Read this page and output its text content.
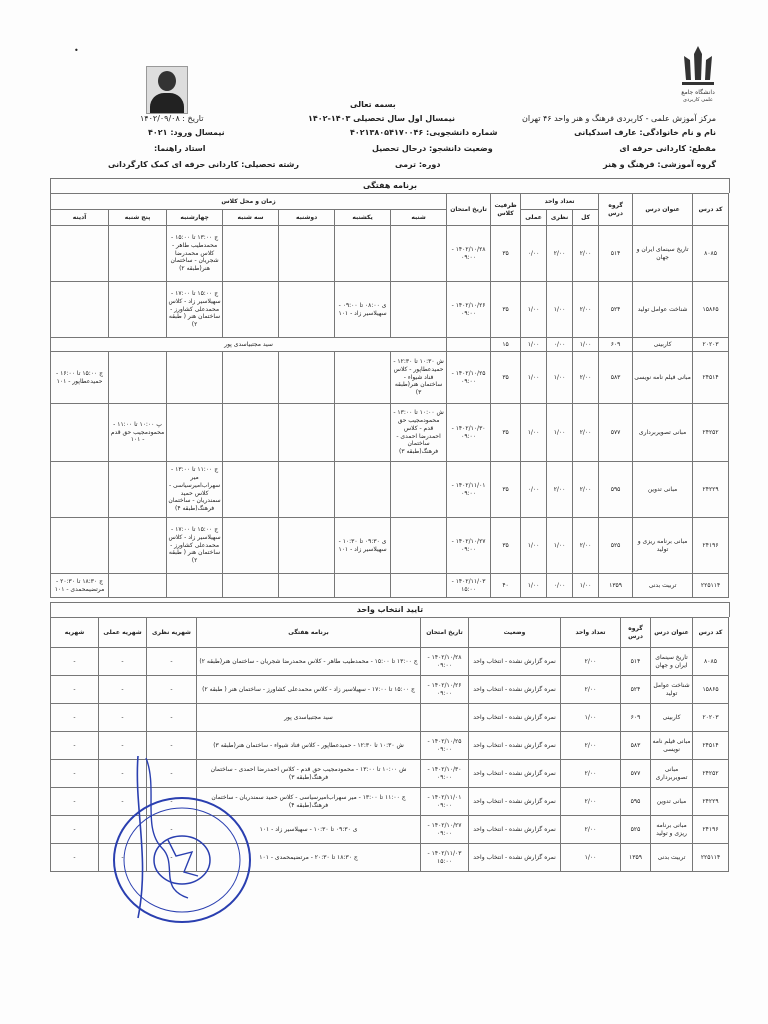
•
دانشگاه جامع
علمی کاربردی
بسمه تعالی
نیمسال اول سال تحصیلی ۱۴۰۳-۱۴۰۲
تاریخ : ۱۴۰۲/۰۹/۰۸	مرکز آموزش علمی - کاربردی فرهنگ و هنر واحد ۴۶ تهران
نام و نام خانوادگی: عارف اسدکیانی
شماره دانشجویی: ۴۰۲۱۳۸۰۵۴۱۷۰۰۴۶
نیمسال ورود: ۴۰۲۱
مقطع: کاردانی حرفه ای
وضعیت دانشجو: درحال تحصیل
استاد راهنما:
گروه آموزشی: فرهنگ و هنر
دوره: ترمی
رشته تحصیلی: کاردانی حرفه ای کمک کارگردانی
برنامه هفتگی
کد درس	عنوان درس	گروه درس	تعداد واحد			ظرفیت کلاس	تاریخ امتحان	زمان و محل کلاس						
			کل	نظری	عملی			شنبه	یکشنبه	دوشنبه	سه شنبه	چهارشنبه	پنج شنبه	آدینه
۸۰۸۵	تاریخ سینمای ایران و جهان	۵۱۴	۲/۰۰	۲/۰۰	۰/۰۰	۳۵	۱۴۰۲/۱۰/۲۸ - ۰۹:۰۰					ج ۱۳:۰۰ تا ۱۵:۰۰ - محمدطیب طاهر - کلاس محمدرضا شجریان - ساختمان هنر(طبقه ۲)		
۱۵۸۶۵	شناخت عوامل تولید	۵۲۴	۲/۰۰	۱/۰۰	۱/۰۰	۳۵	۱۴۰۲/۱۰/۲۶ - ۰۹:۰۰		ی ۰۸:۰۰ تا ۰۹:۰۰ - سهیلاسیر زاد - ۱۰۱			ج ۱۵:۰۰ تا ۱۷:۰۰ - سهیلاسیر زاد - کلاس محمدعلی کشاورز - ساختمان هنر ( طبقه ۲)		
۲۰۲۰۳	کاربینی	۶۰۹	۱/۰۰	۰/۰۰	۱/۰۰	۱۵		سید مجتبیاسدی پور						
۲۴۵۱۴	مبانی فیلم نامه نویسی	۵۸۳	۲/۰۰	۱/۰۰	۱/۰۰	۳۵	۱۴۰۲/۱۰/۲۵ - ۰۹:۰۰	ش ۱۰:۳۰ تا ۱۲:۳۰ - حمیدعطاپور - کلاس فناد شیواء - ساختمان هنر(طبقه ۳)						ج ۱۵:۰۰ تا ۱۶:۰۰ - حمیدعطاپور - ۱۰۱
۲۴۲۵۲	مبانی تصویربرداری	۵۷۷	۲/۰۰	۱/۰۰	۱/۰۰	۳۵	۱۴۰۲/۱۰/۳۰ - ۰۹:۰۰	ش ۱۰:۰۰ تا ۱۳:۰۰ - محمودمجیب حق قدم - کلاس احمدرضا احمدی - ساختمان فرهنگ(طبقه ۳)					پ ۱۰:۰۰ تا ۱۱:۰۰ - محمودمجیب حق قدم - ۱۰۱	
۲۴۲۲۹	مبانی تدوین	۵۹۵	۲/۰۰	۲/۰۰	۰/۰۰	۳۵	۱۴۰۲/۱۱/۰۱ - ۰۹:۰۰					ج ۱۱:۰۰ تا ۱۳:۰۰ - میر سهراب‌امیرسیاسی - کلاس حمید سمندریان - ساختمان فرهنگ(طبقه ۴)		
۲۴۱۹۶	مبانی برنامه ریزی و تولید	۵۲۵	۲/۰۰	۱/۰۰	۱/۰۰	۳۵	۱۴۰۲/۱۰/۲۷ - ۰۹:۰۰		ی ۰۹:۳۰ تا ۱۰:۳۰ - سهیلاسیر زاد - ۱۰۱			ج ۱۵:۰۰ تا ۱۷:۰۰ - سهیلاسیر زاد - کلاس محمدعلی کشاورز - ساختمان هنر ( طبقه ۲)		
۲۲۵۱۱۴	تربیت بدنی	۱۳۵۹	۱/۰۰	۰/۰۰	۱/۰۰	۴۰	۱۴۰۲/۱۱/۰۳ - ۱۵:۰۰							ج ۱۸:۳۰ تا ۲۰:۳۰ - مرتضیمحمدی - ۱۰۱
تایید انتخاب واحد
کد درس	عنوان درس	گروه درس	تعداد واحد	وضعیت	تاریخ امتحان	برنامه هفتگی	شهریه نظری	شهریه عملی	شهریه
۸۰۸۵	تاریخ سینمای ایران و جهان	۵۱۴	۲/۰۰	نمره گزارش نشده - انتخاب واحد	۱۴۰۲/۱۰/۲۸ - ۰۹:۰۰	ج ۱۳:۰۰ تا ۱۵:۰۰ - محمدطیب طاهر - کلاس محمدرضا شجریان - ساختمان هنر(طبقه ۲)	-	-	-
۱۵۸۶۵	شناخت عوامل تولید	۵۲۴	۲/۰۰	نمره گزارش نشده - انتخاب واحد	۱۴۰۲/۱۰/۲۶ - ۰۹:۰۰	ج ۱۵:۰۰ تا ۱۷:۰۰ - سهیلاسیر زاد - کلاس محمدعلی کشاورز - ساختمان هنر ( طبقه ۲)	-	-	-
۲۰۲۰۳	کاربینی	۶۰۹	۱/۰۰	نمره گزارش نشده - انتخاب واحد		سید مجتبیاسدی پور	-	-	-
۲۴۵۱۴	مبانی فیلم نامه نویسی	۵۸۳	۲/۰۰	نمره گزارش نشده - انتخاب واحد	۱۴۰۲/۱۰/۲۵ - ۰۹:۰۰	ش ۱۰:۳۰ تا ۱۲:۳۰ - حمیدعطاپور - کلاس فناد شیواء - ساختمان هنر(طبقه ۳)	-	-	-
۲۴۲۵۲	مبانی تصویربرداری	۵۷۷	۲/۰۰	نمره گزارش نشده - انتخاب واحد	۱۴۰۲/۱۰/۳۰ - ۰۹:۰۰	ش ۱۰:۰۰ تا ۱۳:۰۰ - محمودمجیب حق قدم - کلاس احمدرضا احمدی - ساختمان فرهنگ(طبقه ۳)	-	-	-
۲۴۲۲۹	مبانی تدوین	۵۹۵	۲/۰۰	نمره گزارش نشده - انتخاب واحد	۱۴۰۲/۱۱/۰۱ - ۰۹:۰۰	ج ۱۱:۰۰ تا ۱۳:۰۰ - میر سهراب‌امیرسیاسی - کلاس حمید سمندریان - ساختمان فرهنگ(طبقه ۴)	-	-	-
۲۴۱۹۶	مبانی برنامه ریزی و تولید	۵۲۵	۲/۰۰	نمره گزارش نشده - انتخاب واحد	۱۴۰۲/۱۰/۲۷ - ۰۹:۰۰	ی ۰۹:۳۰ تا ۱۰:۳۰ - سهیلاسیر زاد - ۱۰۱	-	-	-
۲۲۵۱۱۴	تربیت بدنی	۱۳۵۹	۱/۰۰	نمره گزارش نشده - انتخاب واحد	۱۴۰۲/۱۱/۰۳ - ۱۵:۰۰	ج ۱۸:۳۰ تا ۲۰:۳۰ - مرتضیمحمدی - ۱۰۱	-	-	-
